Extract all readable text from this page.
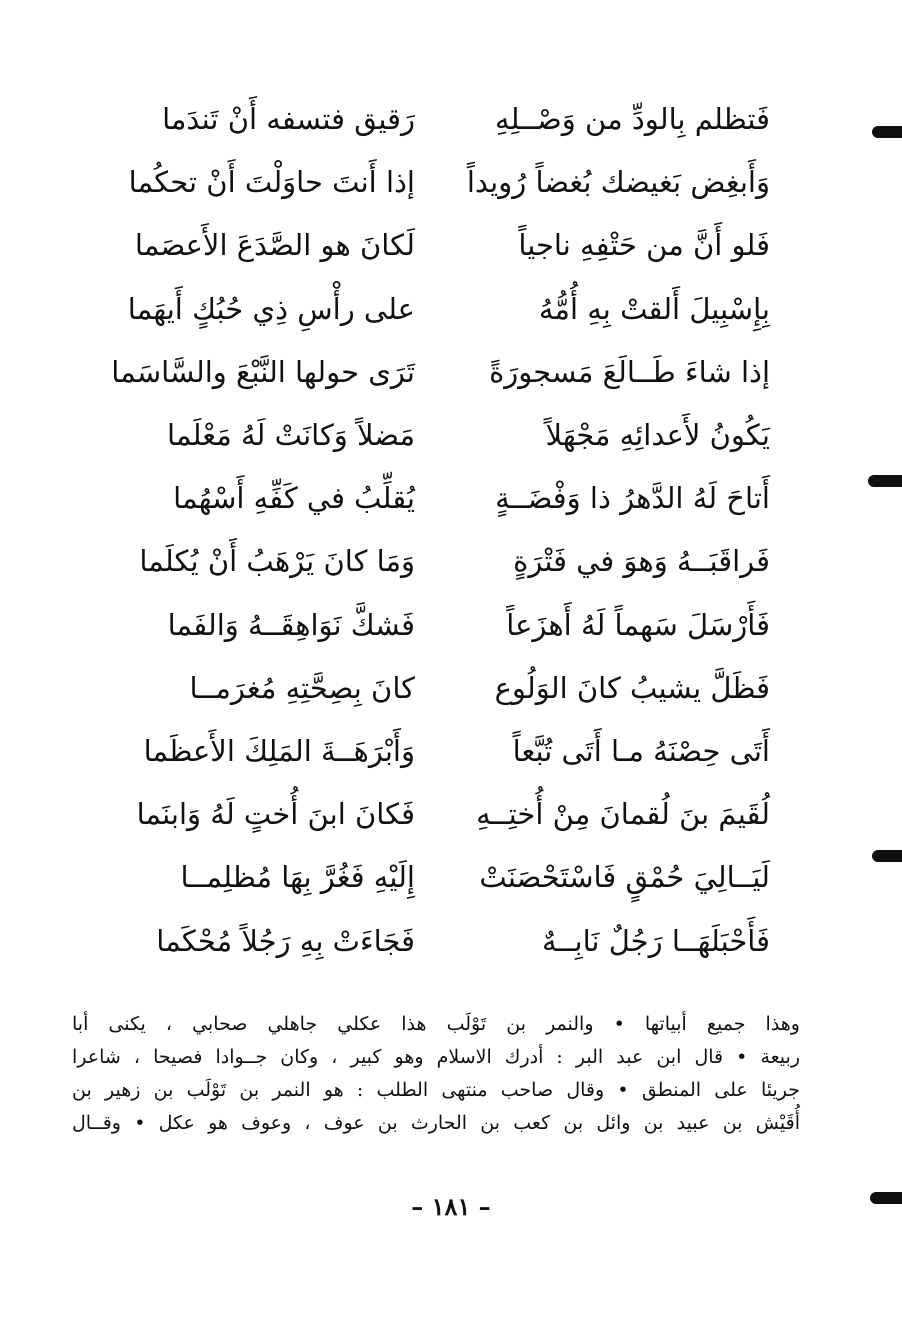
فَتظلم بِالودِّ من وَصْــلِهِ
رَقيق فتسفه أَنْ تَندَما
وَأَبغِض بَغيضك بُغضاً رُويداً
إذا أَنتَ حاوَلْتَ أَنْ تحكُما
فَلو أَنَّ من حَتْفِهِ ناجياً
لَكانَ هو الصَّدَعَ الأَعصَما
بِإِسْبِيلَ أَلقتْ بِهِ أُمُّهُ
على رأْسِ ذِي حُبُكٍ أَيهَما
إذا شاءَ طَــالَعَ مَسجورَةً
تَرَى حولها النَّبْعَ والسَّاسَما
يَكُونُ لأَعدائِهِ مَجْهَلاً
مَضلاً وَكانَتْ لَهُ مَعْلَما
أَتاحَ لَهُ الدَّهرُ ذا وَفْضَــةٍ
يُقلِّبُ في كَفِّهِ أَسْهُما
فَراقَبَــهُ وَهوَ في فَتْرَةٍ
وَمَا كانَ يَرْهَبُ أَنْ يُكلَما
فَأَرْسَلَ سَهماً لَهُ أَهزَعاً
فَشكَّ نَوَاهِقَــهُ وَالفَما
فَظَلَّ يشيبُ كانَ الوَلُوع
كانَ بِصِحَّتِهِ مُغرَمــا
أَتَى حِصْنَهُ مـا أَتَى تُبَّعاً
وَأَبْرَهَــةَ المَلِكَ الأَعظَما
لُقَيمَ بنَ لُقمانَ مِنْ أُختِــهِ
فَكانَ ابنَ أُختٍ لَهُ وَابنَما
لَيَــالِيَ حُمْقٍ فَاسْتَحْصَنَتْ
إِلَيْهِ فَغُرَّ بِهَا مُظلِمــا
فَأَحْبَلَهَــا رَجُلٌ نَابِــهٌ
فَجَاءَتْ بِهِ رَجُلاً مُحْكَما
وهذا جميع أبياتها • والنمر بن تَوْلَب هذا عكلي جاهلي صحابي ، يكنى أبا
ربيعة • قال ابن عبد البر : أدرك الاسلام وهو كبير ، وكان جــوادا فصيحا ، شاعرا
جريئا على المنطق • وقال صاحب منتهى الطلب : هو النمر بن تَوْلَب بن زهير بن
أُقَيْش بن عبيد بن وائل بن كعب بن الحارث بن عوف ، وعوف هو عكل • وقــال
– ١٨١ –
